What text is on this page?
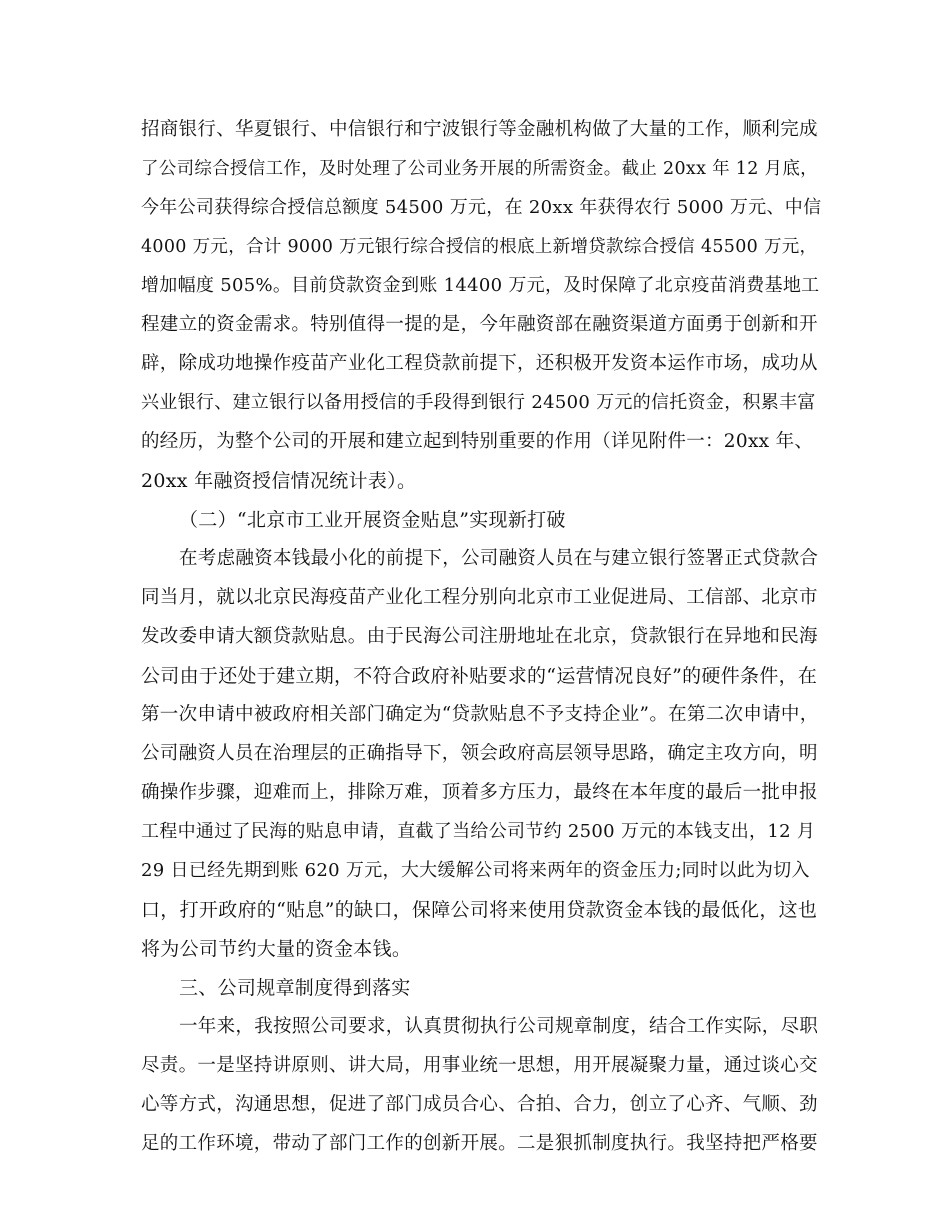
招商银行、华夏银行、中信银行和宁波银行等金融机构做了大量的工作，顺利完成
了公司综合授信工作，及时处理了公司业务开展的所需资金。截止 20xx 年 12 月底，
今年公司获得综合授信总额度 54500 万元，在 20xx 年获得农行 5000 万元、中信
4000 万元，合计 9000 万元银行综合授信的根底上新增贷款综合授信 45500 万元，
增加幅度 505%。目前贷款资金到账 14400 万元，及时保障了北京疫苗消费基地工
程建立的资金需求。特别值得一提的是，今年融资部在融资渠道方面勇于创新和开
辟，除成功地操作疫苗产业化工程贷款前提下，还积极开发资本运作市场，成功从
兴业银行、建立银行以备用授信的手段得到银行 24500 万元的信托资金，积累丰富
的经历，为整个公司的开展和建立起到特别重要的作用（详见附件一：20xx 年、
20xx 年融资授信情况统计表）。
（二）“北京市工业开展资金贴息”实现新打破
在考虑融资本钱最小化的前提下，公司融资人员在与建立银行签署正式贷款合
同当月，就以北京民海疫苗产业化工程分别向北京市工业促进局、工信部、北京市
发改委申请大额贷款贴息。由于民海公司注册地址在北京，贷款银行在异地和民海
公司由于还处于建立期，不符合政府补贴要求的“运营情况良好”的硬件条件，在
第一次申请中被政府相关部门确定为“贷款贴息不予支持企业”。在第二次申请中，
公司融资人员在治理层的正确指导下，领会政府高层领导思路，确定主攻方向，明
确操作步骤，迎难而上，排除万难，顶着多方压力，最终在本年度的最后一批申报
工程中通过了民海的贴息申请，直截了当给公司节约 2500 万元的本钱支出，12 月
29 日已经先期到账 620 万元，大大缓解公司将来两年的资金压力;同时以此为切入
口，打开政府的“贴息”的缺口，保障公司将来使用贷款资金本钱的最低化，这也
将为公司节约大量的资金本钱。
三、公司规章制度得到落实
一年来，我按照公司要求，认真贯彻执行公司规章制度，结合工作实际，尽职
尽责。一是坚持讲原则、讲大局，用事业统一思想，用开展凝聚力量，通过谈心交
心等方式，沟通思想，促进了部门成员合心、合拍、合力，创立了心齐、气顺、劲
足的工作环境，带动了部门工作的创新开展。二是狠抓制度执行。我坚持把严格要
